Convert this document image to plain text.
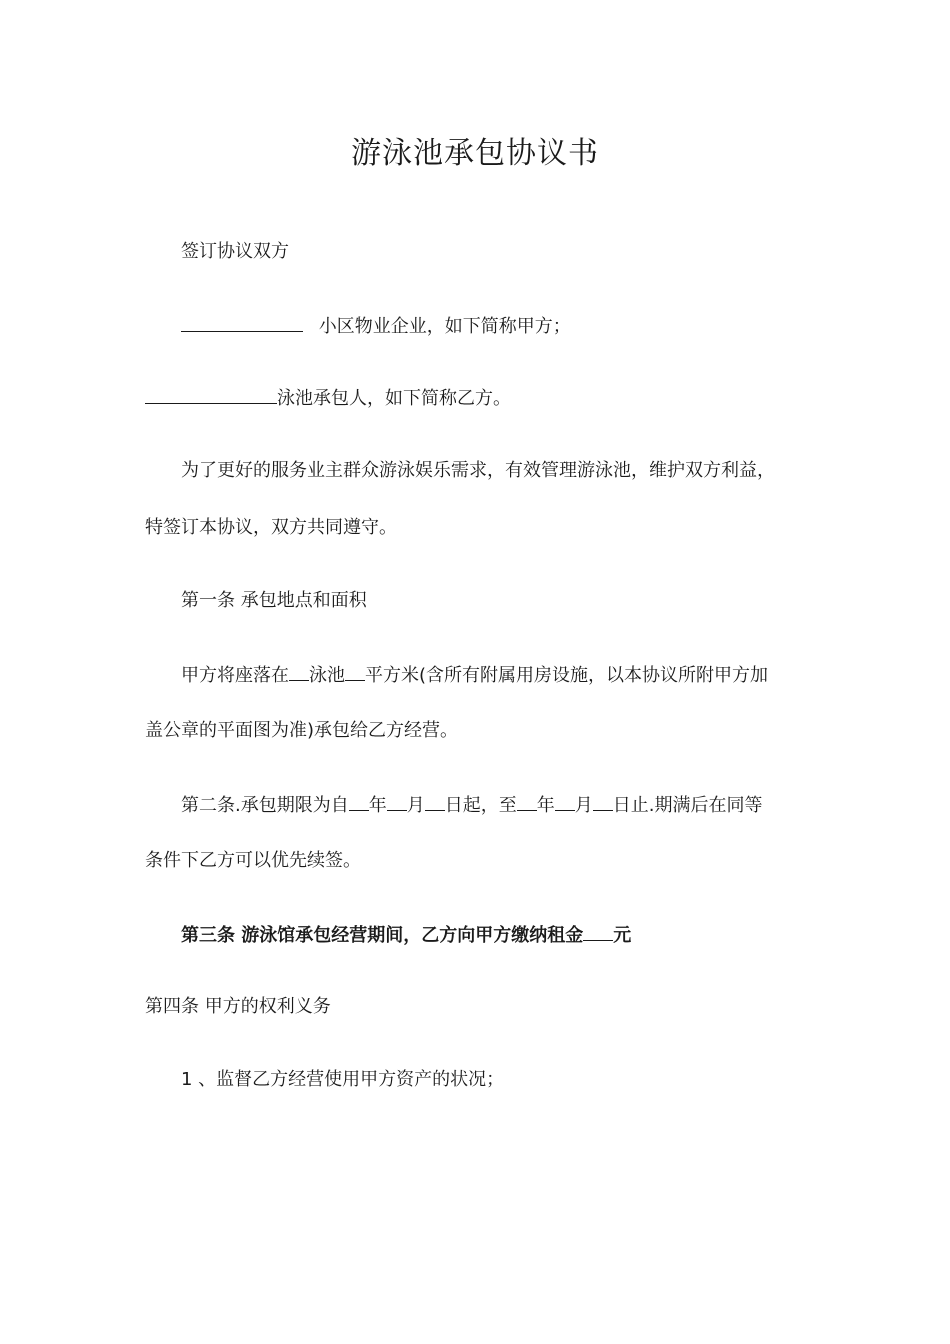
游泳池承包协议书
签订协议双方
小区物业企业，如下简称甲方；
泳池承包人，如下简称乙方。
为了更好的服务业主群众游泳娱乐需求，有效管理游泳池，维护双方利益，
特签订本协议，双方共同遵守。
第一条 承包地点和面积
甲方将座落在 泳池 平方米(含所有附属用房设施，以本协议所附甲方加
盖公章的平面图为准)承包给乙方经营。
第二条.承包期限为自 年 月 日起，至 年 月 日止.期满后在同等
条件下乙方可以优先续签。
第三条 游泳馆承包经营期间，乙方向甲方缴纳租金 元
第四条 甲方的权利义务
1 、监督乙方经营使用甲方资产的状况；
